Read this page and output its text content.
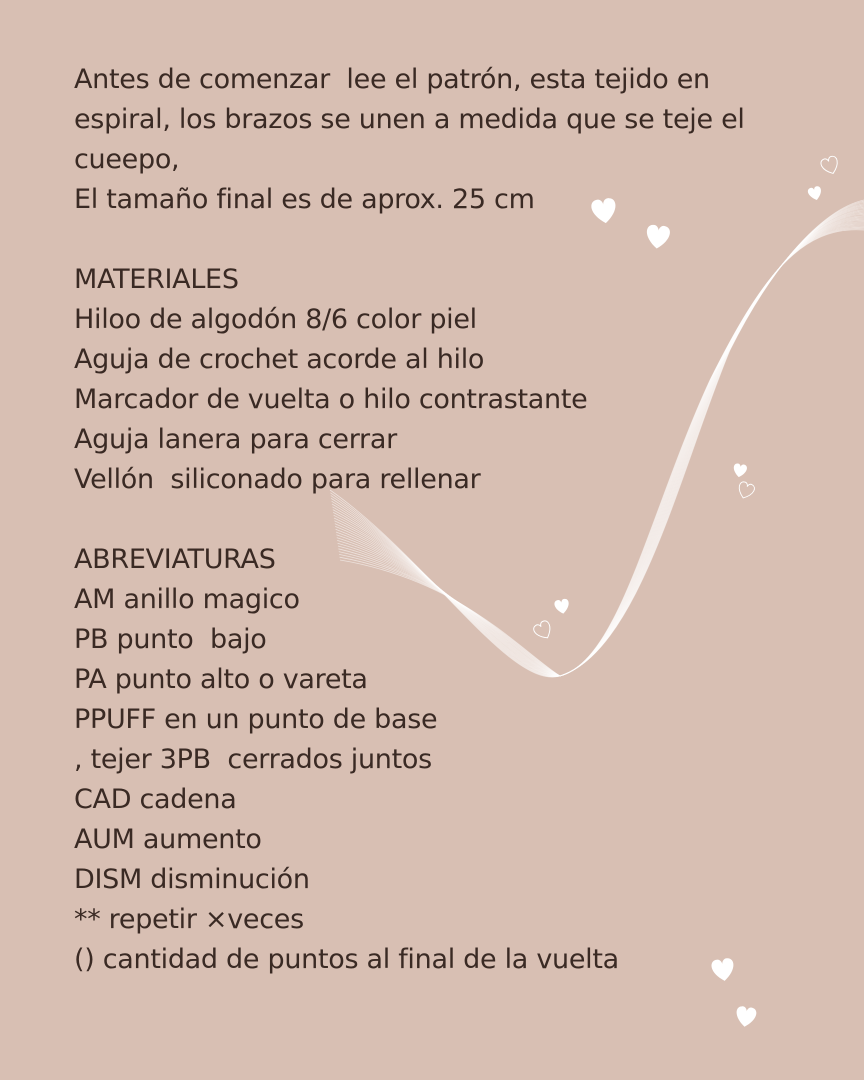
Antes de comenzar  lee el patrón, esta tejido en
espiral, los brazos se unen a medida que se teje el
cueepo,
El tamaño final es de aprox. 25 cm
MATERIALES
Hiloo de algodón 8/6 color piel
Aguja de crochet acorde al hilo
Marcador de vuelta o hilo contrastante
Aguja lanera para cerrar
Vellón  siliconado para rellenar
ABREVIATURAS
AM anillo magico
PB punto  bajo
PA punto alto o vareta
PPUFF en un punto de base
, tejer 3PB  cerrados juntos
CAD cadena
AUM aumento
DISM disminución
** repetir ×veces
() cantidad de puntos al final de la vuelta
